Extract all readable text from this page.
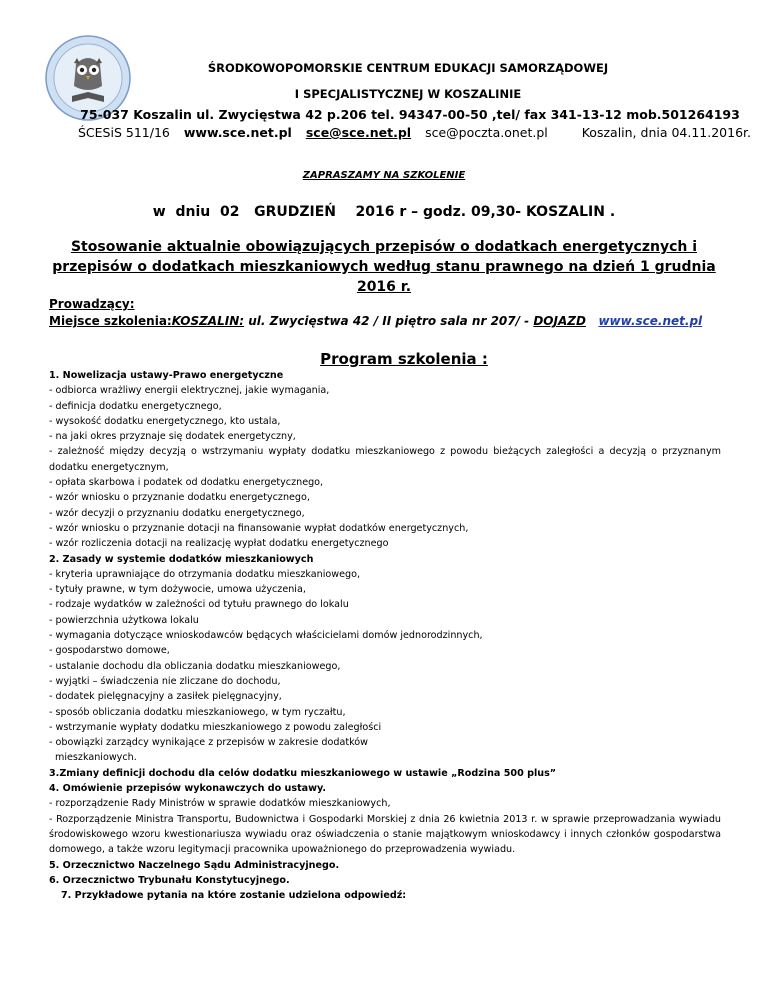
ŚRODKOWOPOMORSKIE CENTRUM EDUKACJI SAMORZĄDOWEJ
I SPECJALISTYCZNEJ W KOSZALINIE
75-037 Koszalin ul. Zwycięstwa 42 p.206 tel. 94347-00-50 ,tel/ fax 341-13-12 mob.501264193
ŚCESiS 511/16 www.sce.net.pl sce@sce.net.pl sce@poczta.onet.pl	Koszalin, dnia 04.11.2016r.
ZAPRASZAMY NA SZKOLENIE
w  dniu  02   GRUDZIEŃ    2016 r – godz. 09,30- KOSZALIN .
Stosowanie aktualnie obowiązujących przepisów o dodatkach energetycznych i przepisów o dodatkach mieszkaniowych według stanu prawnego na dzień 1 grudnia 2016 r.
Prowadzący:
Miejsce szkolenia:KOSZALIN: ul. Zwycięstwa 42 / II piętro sala nr 207/ - DOJAZD www.sce.net.pl
Program szkolenia :
1. Nowelizacja ustawy-Prawo energetyczne
- odbiorca wrażliwy energii elektrycznej, jakie wymagania,
- definicja dodatku energetycznego,
- wysokość dodatku energetycznego, kto ustala,
- na jaki okres przyznaje się dodatek energetyczny,
- zależność między decyzją o wstrzymaniu wypłaty dodatku mieszkaniowego z powodu bieżących zaległości a decyzją o przyznanym dodatku energetycznym,
- opłata skarbowa i podatek od dodatku energetycznego,
- wzór wniosku o przyznanie dodatku energetycznego,
- wzór decyzji o przyznaniu dodatku energetycznego,
- wzór wniosku o przyznanie dotacji na finansowanie wypłat dodatków energetycznych,
- wzór rozliczenia dotacji na realizację wypłat dodatku energetycznego
2. Zasady w systemie dodatków mieszkaniowych
- kryteria uprawniające do otrzymania dodatku mieszkaniowego,
- tytuły prawne, w tym dożywocie, umowa użyczenia,
- rodzaje wydatków w zależności od tytułu prawnego do lokalu
- powierzchnia użytkowa lokalu
- wymagania dotyczące wnioskodawców będących właścicielami domów jednorodzinnych,
- gospodarstwo domowe,
- ustalanie dochodu dla obliczania dodatku mieszkaniowego,
- wyjątki – świadczenia nie zliczane do dochodu,
- dodatek pielęgnacyjny a zasiłek pielęgnacyjny,
- sposób obliczania dodatku mieszkaniowego, w tym ryczałtu,
- wstrzymanie wypłaty dodatku mieszkaniowego z powodu zaległości
- obowiązki zarządcy wynikające z przepisów w zakresie dodatków
mieszkaniowych.
3.Zmiany definicji dochodu dla celów dodatku mieszkaniowego w ustawie „Rodzina 500 plus”
4. Omówienie przepisów wykonawczych do ustawy.
- rozporządzenie Rady Ministrów w sprawie dodatków mieszkaniowych,
- Rozporządzenie Ministra Transportu, Budownictwa i Gospodarki Morskiej z dnia 26 kwietnia 2013 r. w sprawie przeprowadzania wywiadu środowiskowego wzoru kwestionariusza wywiadu oraz oświadczenia o stanie majątkowym wnioskodawcy i innych członków gospodarstwa domowego, a także wzoru legitymacji pracownika upoważnionego do przeprowadzenia wywiadu.
5. Orzecznictwo Naczelnego Sądu Administracyjnego.
6. Orzecznictwo Trybunału Konstytucyjnego.
7. Przykładowe pytania na które zostanie udzielona odpowiedź:
